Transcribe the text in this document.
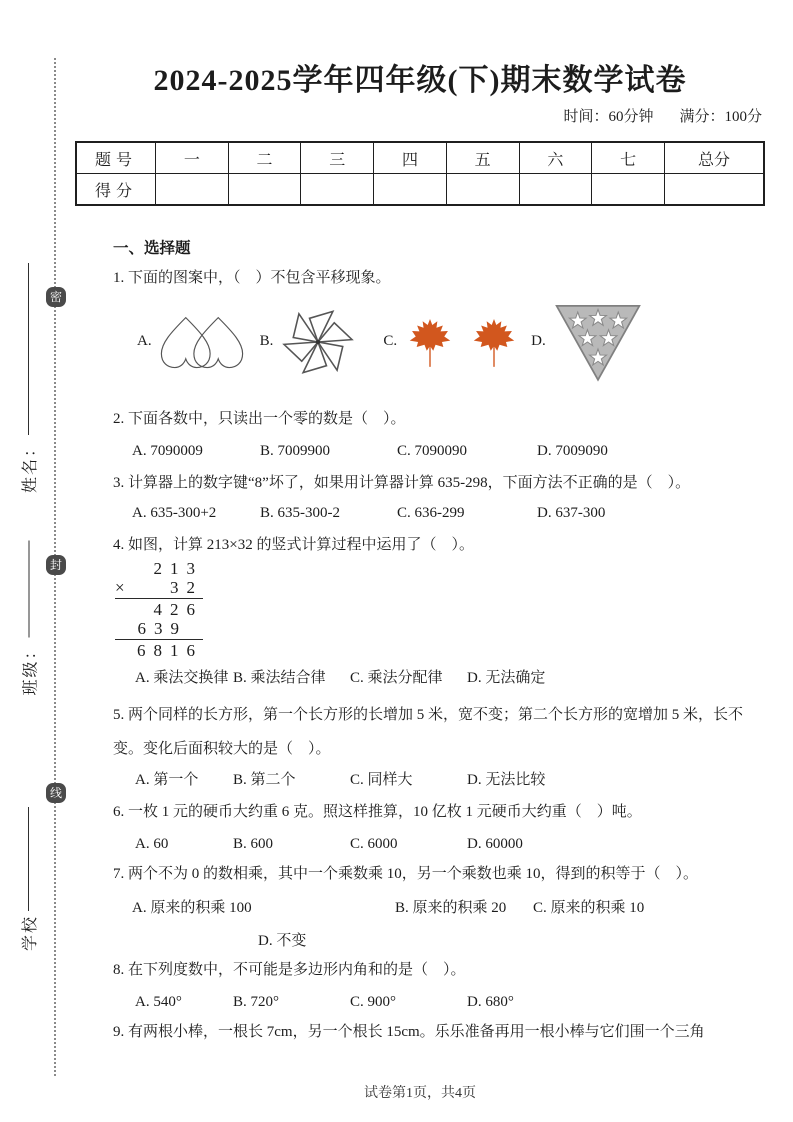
姓名：
班级：
学校
密
封
线
2024-2025学年四年级(下)期末数学试卷
时间：60分钟 满分：100分
题号	一	二	三	四	五	六	七	总分
得分								
一、选择题

1. 下面的图案中，（　）不包含平移现象。

A.	B.	C.	D.

2. 下面各数中，只读出一个零的数是（　）。

A. 7090009	B. 7009900	C. 7090090	D. 7009090

3. 计算器上的数字键“8”坏了，如果用计算器计算 635-298，下面方法不正确的是（　）。

A. 635-300+2	B. 635-300-2	C. 636-299	D. 637-300

4. 如图，计算 213×32 的竖式计算过程中运用了（　）。

213
×	32
426
639
6816
A. 乘法交换律 B. 乘法结合律	C. 乘法分配律	D. 无法确定

5. 两个同样的长方形，第一个长方形的长增加 5 米，宽不变；第二个长方形的宽增加 5 米，长不变。变化后面积较大的是（　）。

A. 第一个	B. 第二个	C. 同样大	D. 无法比较

6. 一枚 1 元的硬币大约重 6 克。照这样推算，10 亿枚 1 元硬币大约重（　）吨。

A. 60	B. 600	C. 6000	D. 60000

7. 两个不为 0 的数相乘，其中一个乘数乘 10，另一个乘数也乘 10，得到的积等于（　）。

A. 原来的积乘 100	B. 原来的积乘 20	C. 原来的积乘 10
D. 不变

8. 在下列度数中，不可能是多边形内角和的是（　）。

A. 540°	B. 720°	C. 900°	D. 680°

9. 有两根小棒，一根长 7cm，另一个根长 15cm。乐乐准备再用一根小棒与它们围一个三角

试卷第1页，共4页
